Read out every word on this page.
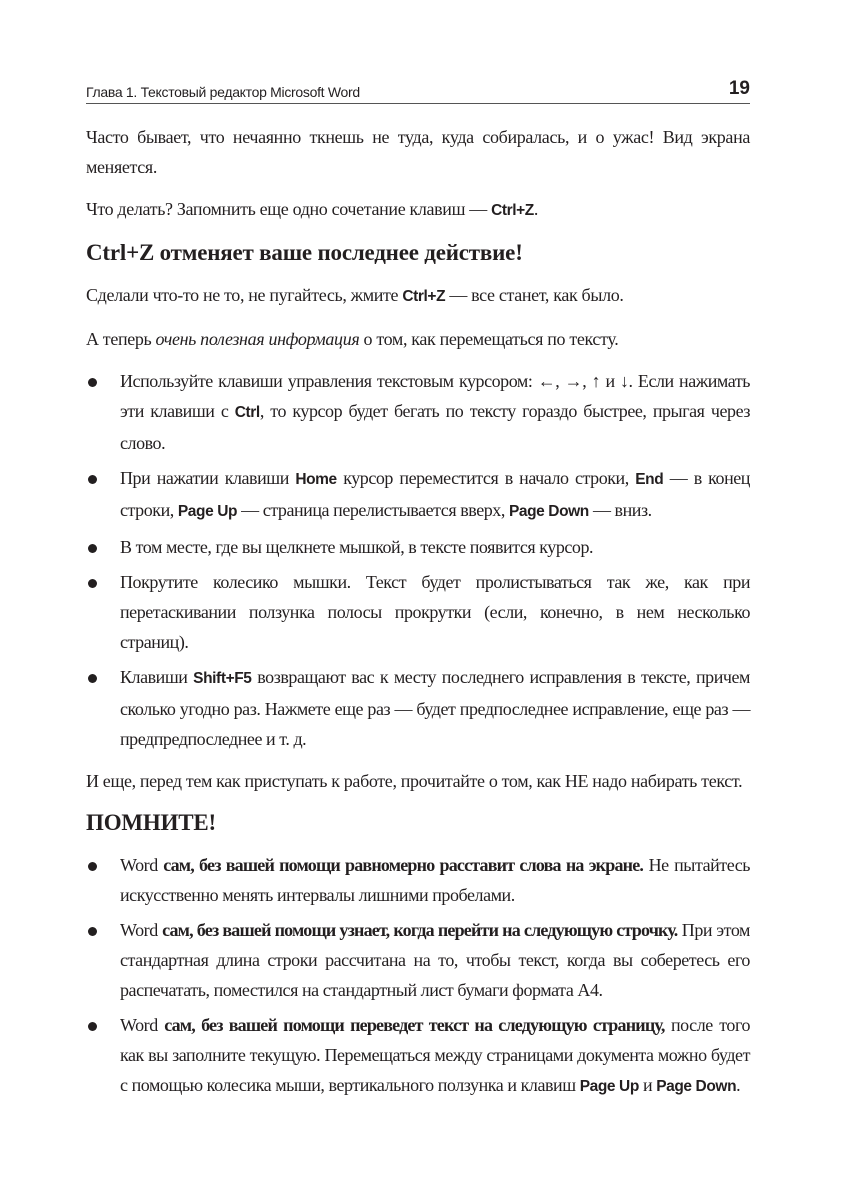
Глава 1. Текстовый редактор Microsoft Word	19

Часто бывает, что нечаянно ткнешь не туда, куда собиралась, и о ужас! Вид экрана меняется.

Что делать? Запомнить еще одно сочетание клавиш — Ctrl+Z.

Ctrl+Z отменяет ваше последнее действие!

Сделали что-то не то, не пугайтесь, жмите Ctrl+Z — все станет, как было.

А теперь очень полезная информация о том, как перемещаться по тексту.

Используйте клавиши управления текстовым курсором: ←, →, ↑ и ↓. Если нажимать эти клавиши с Ctrl, то курсор будет бегать по тексту гораздо быстрее, прыгая через слово.
При нажатии клавиши Home курсор переместится в начало строки, End — в конец строки, Page Up — страница перелистывается вверх, Page Down — вниз.
В том месте, где вы щелкнете мышкой, в тексте появится курсор.
Покрутите колесико мышки. Текст будет пролистываться так же, как при перетаскивании ползунка полосы прокрутки (если, конечно, в нем несколько страниц).
Клавиши Shift+F5 возвращают вас к месту последнего исправления в тексте, причем сколько угодно раз. Нажмете еще раз — будет предпоследнее исправление, еще раз — предпредпоследнее и т. д.

И еще, перед тем как приступать к работе, прочитайте о том, как НЕ надо набирать текст.

ПОМНИТЕ!
Word сам, без вашей помощи равномерно расставит слова на экране. Не пытайтесь искусственно менять интервалы лишними пробелами.
Word сам, без вашей помощи узнает, когда перейти на следующую строчку. При этом стандартная длина строки рассчитана на то, чтобы текст, когда вы соберетесь его распечатать, поместился на стандартный лист бумаги формата А4.
Word сам, без вашей помощи переведет текст на следующую страницу, после того как вы заполните текущую. Перемещаться между страницами документа можно будет с помощью колесика мыши, вертикального ползунка и клавиш Page Up и Page Down.
